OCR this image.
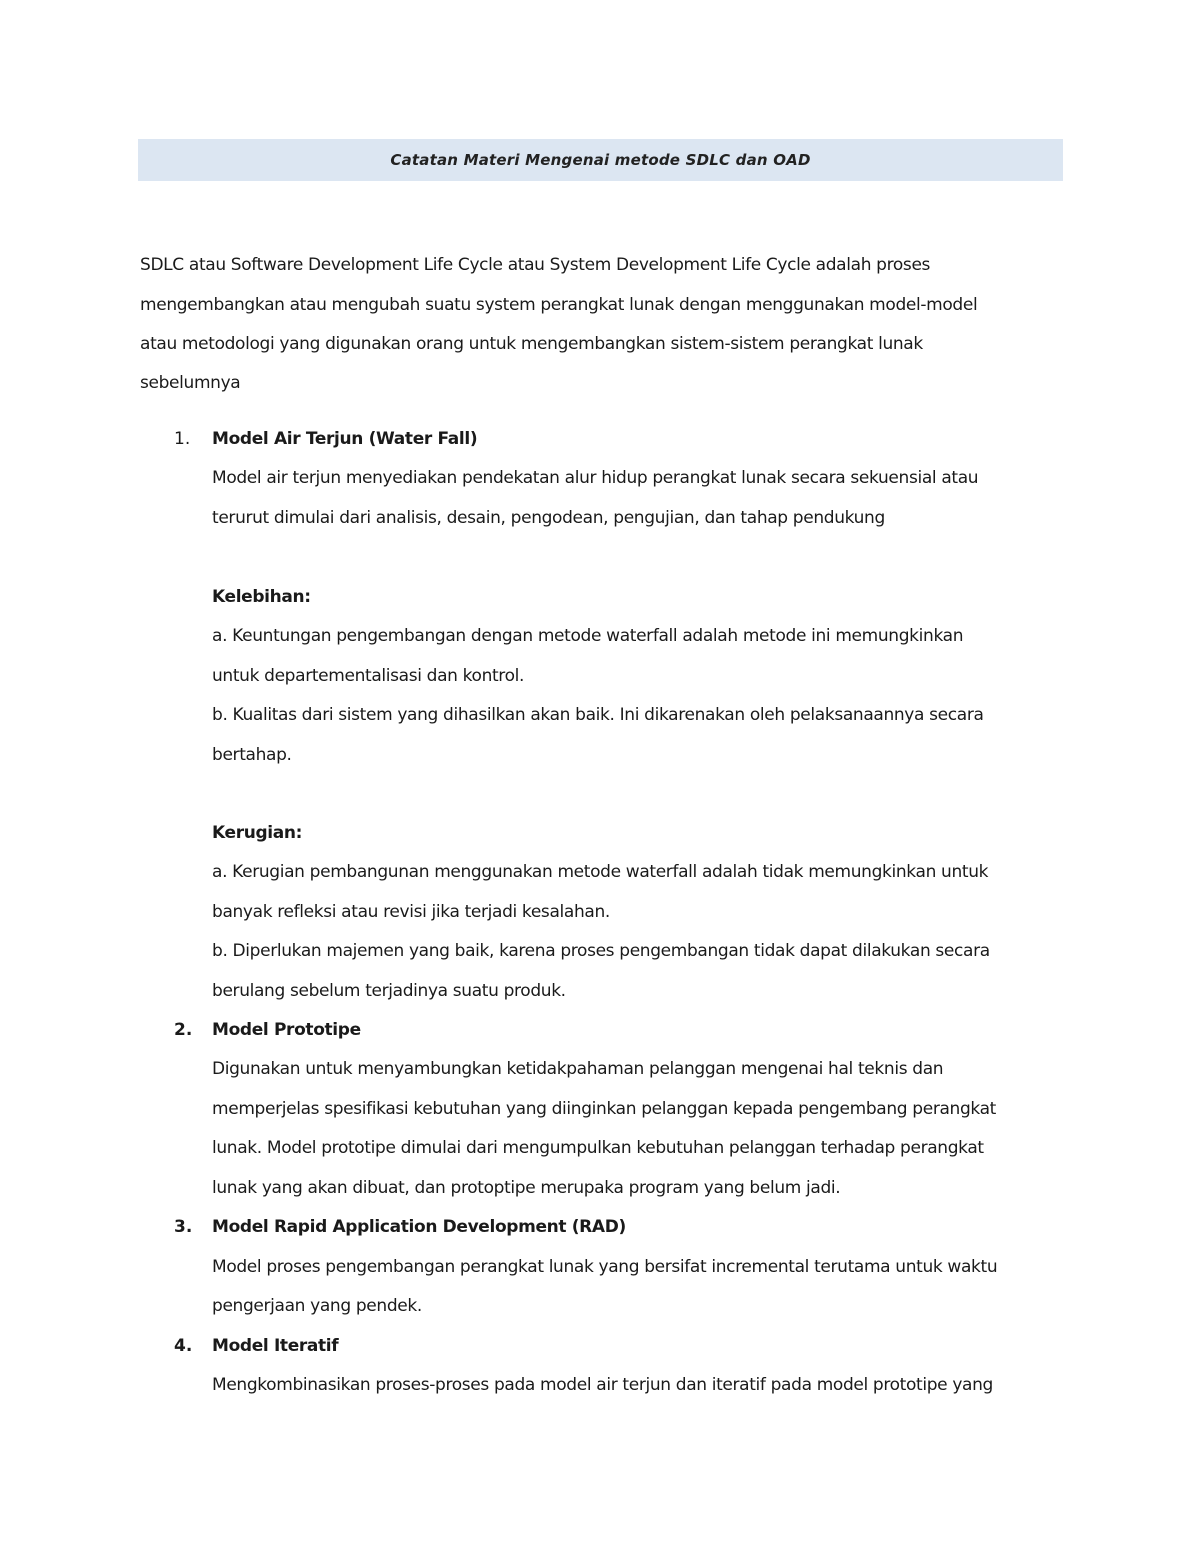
Catatan Materi Mengenai metode SDLC dan OAD
SDLC atau Software Development Life Cycle atau System Development Life Cycle adalah proses
mengembangkan atau mengubah suatu system perangkat lunak dengan menggunakan model-model
atau metodologi yang digunakan orang untuk mengembangkan sistem-sistem perangkat lunak
sebelumnya
1. Model Air Terjun (Water Fall)
Model air terjun menyediakan pendekatan alur hidup perangkat lunak secara sekuensial atau
terurut dimulai dari analisis, desain, pengodean, pengujian, dan tahap pendukung
Kelebihan:
a. Keuntungan pengembangan dengan metode waterfall adalah metode ini memungkinkan
untuk departementalisasi dan kontrol.
b. Kualitas dari sistem yang dihasilkan akan baik. Ini dikarenakan oleh pelaksanaannya secara
bertahap.
Kerugian:
a. Kerugian pembangunan menggunakan metode waterfall adalah tidak memungkinkan untuk
banyak refleksi atau revisi jika terjadi kesalahan.
b. Diperlukan majemen yang baik, karena proses pengembangan tidak dapat dilakukan secara
berulang sebelum terjadinya suatu produk.
2. Model Prototipe
Digunakan untuk menyambungkan ketidakpahaman pelanggan mengenai hal teknis dan
memperjelas spesifikasi kebutuhan yang diinginkan pelanggan kepada pengembang perangkat
lunak. Model prototipe dimulai dari mengumpulkan kebutuhan pelanggan terhadap perangkat
lunak yang akan dibuat, dan protoptipe merupaka program yang belum jadi.
3. Model Rapid Application Development (RAD)
Model proses pengembangan perangkat lunak yang bersifat incremental terutama untuk waktu
pengerjaan yang pendek.
4. Model Iteratif
Mengkombinasikan proses-proses pada model air terjun dan iteratif pada model prototipe yang
